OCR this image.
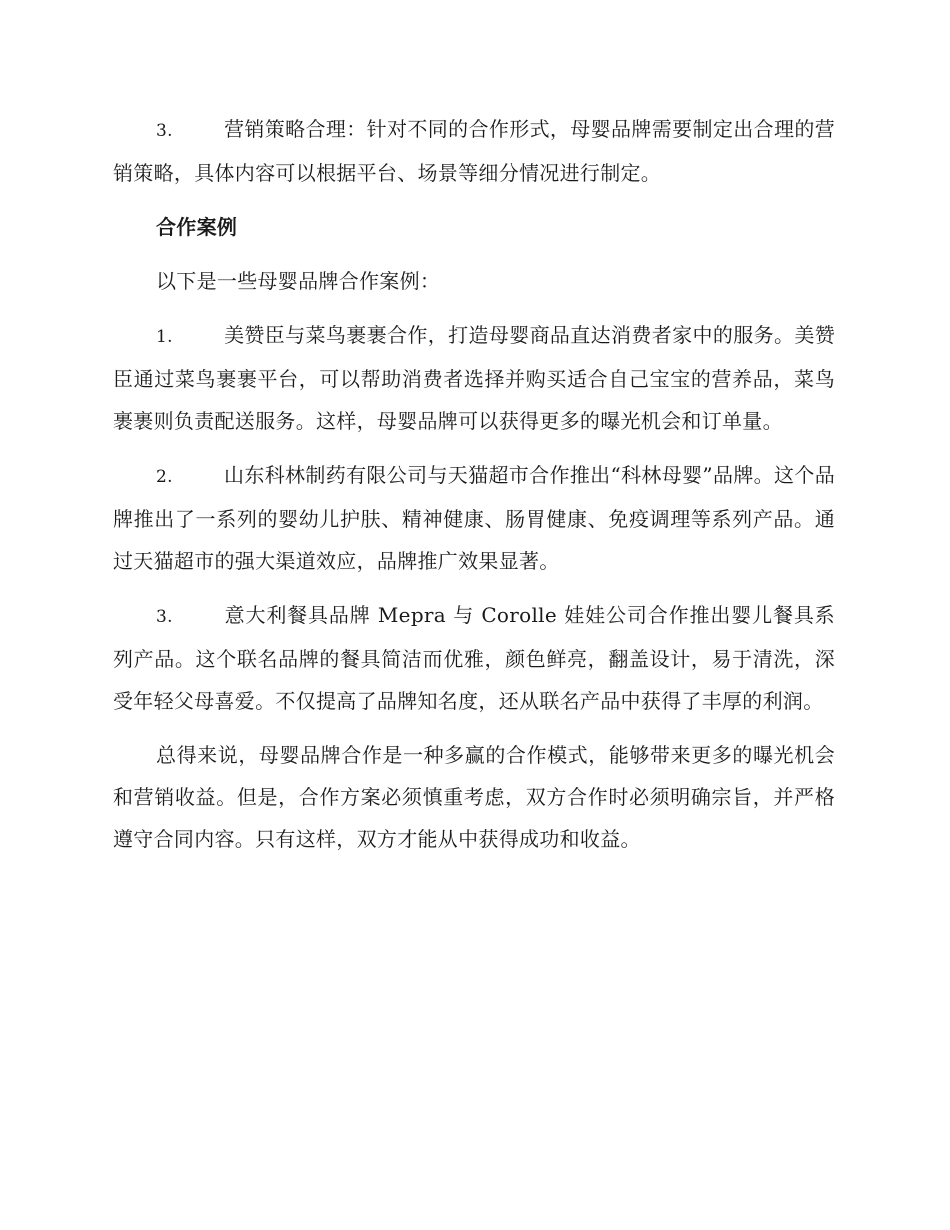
3.	营销策略合理：针对不同的合作形式，母婴品牌需要制定出合理的营销策略，具体内容可以根据平台、场景等细分情况进行制定。

合作案例

以下是一些母婴品牌合作案例：

1.	美赞臣与菜鸟裹裹合作，打造母婴商品直达消费者家中的服务。美赞臣通过菜鸟裹裹平台，可以帮助消费者选择并购买适合自己宝宝的营养品，菜鸟裹裹则负责配送服务。这样，母婴品牌可以获得更多的曝光机会和订单量。

2.	山东科林制药有限公司与天猫超市合作推出“科林母婴”品牌。这个品牌推出了一系列的婴幼儿护肤、精神健康、肠胃健康、免疫调理等系列产品。通过天猫超市的强大渠道效应，品牌推广效果显著。

3.	意大利餐具品牌 Mepra 与 Corolle 娃娃公司合作推出婴儿餐具系列产品。这个联名品牌的餐具简洁而优雅，颜色鲜亮，翻盖设计，易于清洗，深受年轻父母喜爱。不仅提高了品牌知名度，还从联名产品中获得了丰厚的利润。

总得来说，母婴品牌合作是一种多赢的合作模式，能够带来更多的曝光机会和营销收益。但是，合作方案必须慎重考虑，双方合作时必须明确宗旨，并严格遵守合同内容。只有这样，双方才能从中获得成功和收益。
